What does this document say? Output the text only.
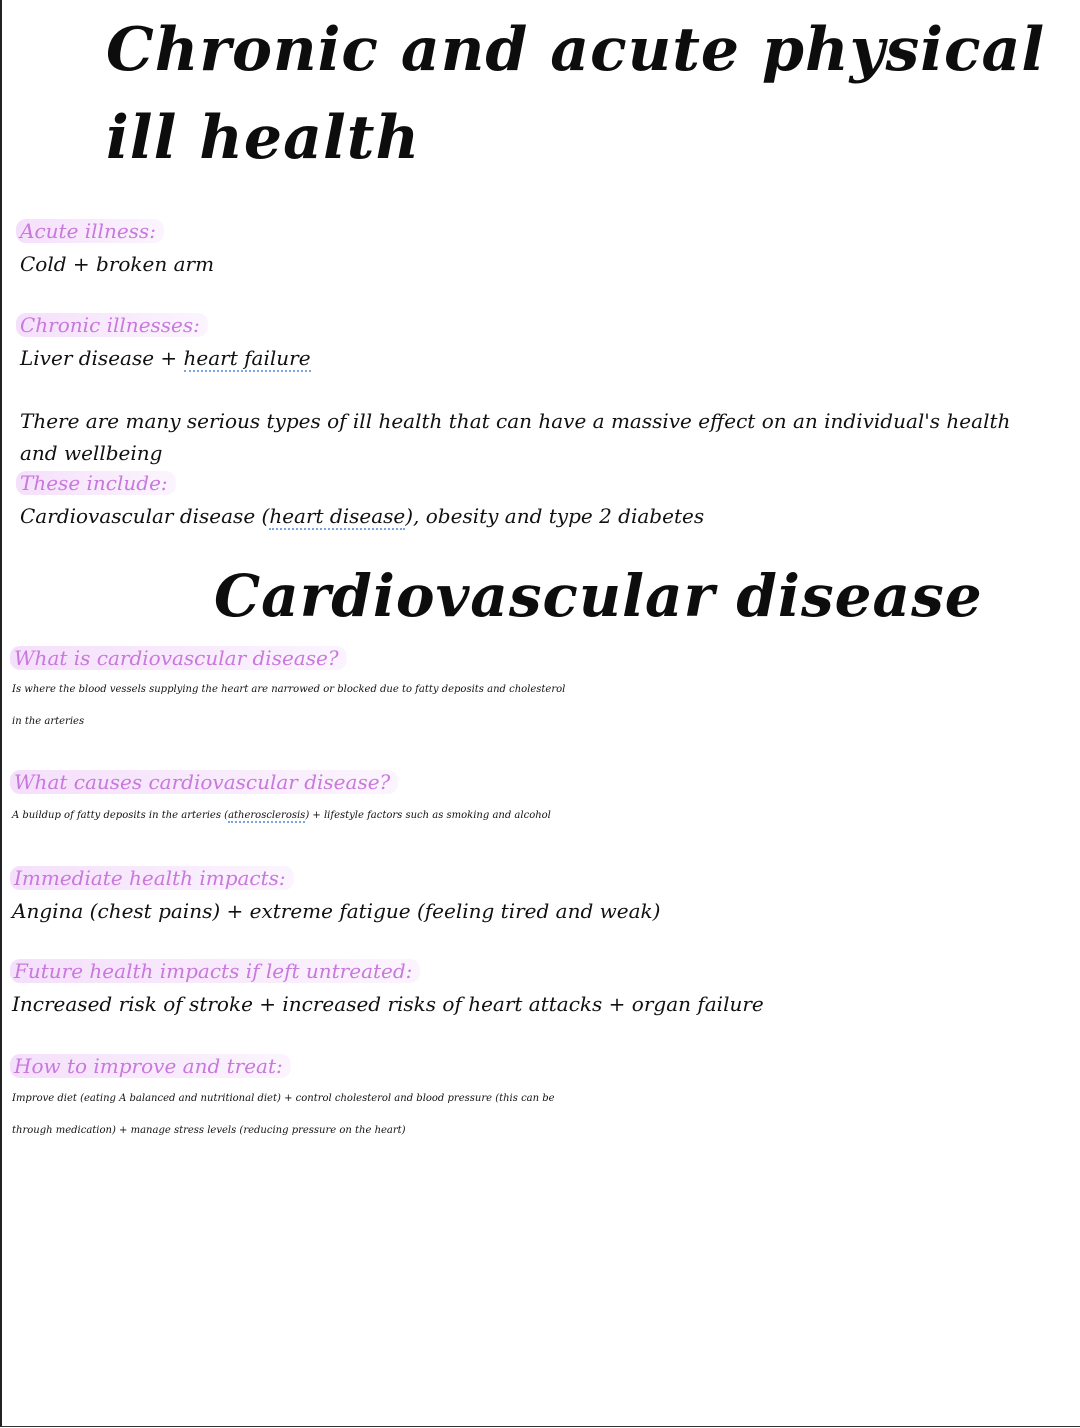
Chronic and acute physical
ill health
Acute illness:

Cold + broken arm

Chronic illnesses:

Liver disease + heart failure

There are many serious types of ill health that can have a massive effect on an individual's health
and wellbeing

These include:

Cardiovascular disease (heart disease), obesity and type 2 diabetes

Cardiovascular disease
What is cardiovascular disease?

Is where the blood vessels supplying the heart are narrowed or blocked due to fatty deposits and cholesterol
in the arteries

What causes cardiovascular disease?

A buildup of fatty deposits in the arteries (atherosclerosis) + lifestyle factors such as smoking and alcohol

Immediate health impacts:

Angina (chest pains) + extreme fatigue (feeling tired and weak)

Future health impacts if left untreated:

Increased risk of stroke + increased risks of heart attacks + organ failure

How to improve and treat:

Improve diet (eating A balanced and nutritional diet) + control cholesterol and blood pressure (this can be
through medication) + manage stress levels (reducing pressure on the heart)
